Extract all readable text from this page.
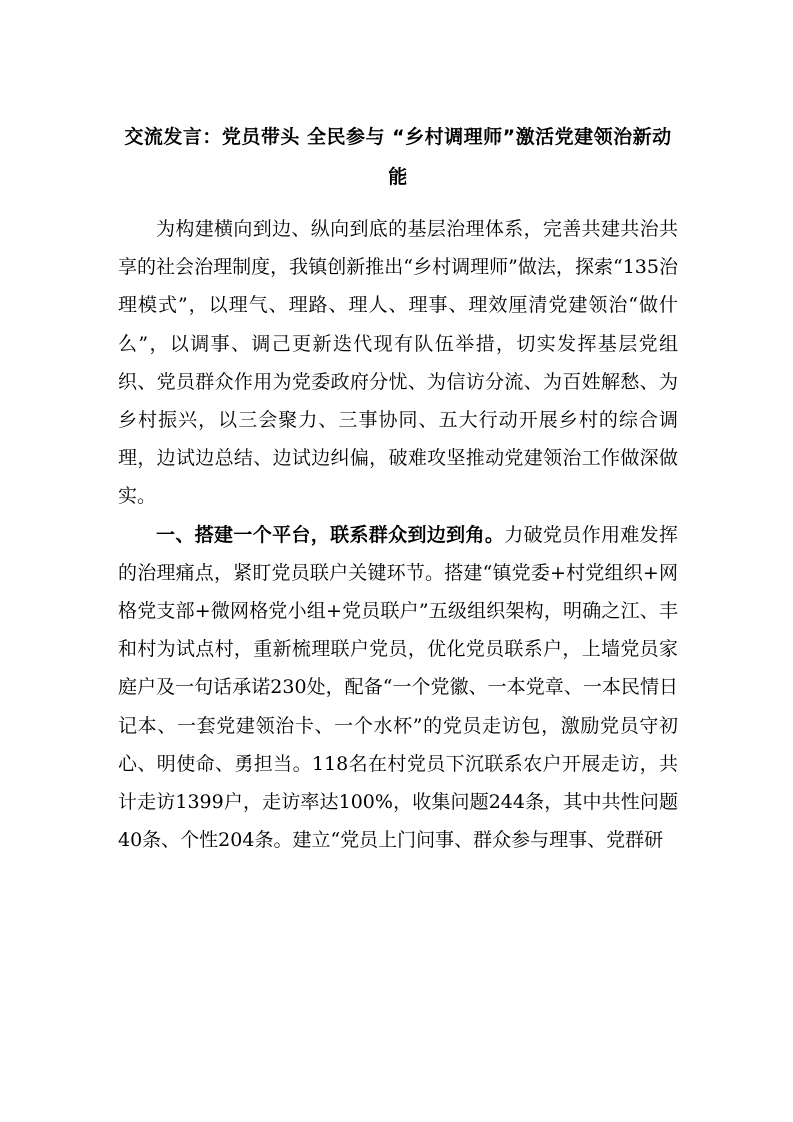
交流发言：党员带头 全民参与 “乡村调理师”激活党建领治新动能

为构建横向到边、纵向到底的基层治理体系，完善共建共治共享的社会治理制度，我镇创新推出“乡村调理师”做法，探索“135治理模式”，以理气、理路、理人、理事、理效厘清党建领治“做什么”，以调事、调己更新迭代现有队伍举措，切实发挥基层党组织、党员群众作用为党委政府分忧、为信访分流、为百姓解愁、为乡村振兴，以三会聚力、三事协同、五大行动开展乡村的综合调理，边试边总结、边试边纠偏，破难攻坚推动党建领治工作做深做实。

一、搭建一个平台，联系群众到边到角。力破党员作用难发挥的治理痛点，紧盯党员联户关键环节。搭建“镇党委+村党组织+网格党支部+微网格党小组+党员联户”五级组织架构，明确之江、丰和村为试点村，重新梳理联户党员，优化党员联系户，上墙党员家庭户及一句话承诺230处，配备“一个党徽、一本党章、一本民情日记本、一套党建领治卡、一个水杯”的党员走访包，激励党员守初心、明使命、勇担当。118名在村党员下沉联系农户开展走访，共计走访1399户，走访率达100%，收集问题244条，其中共性问题40条、个性204条。建立“党员上门问事、群众参与理事、党群研
